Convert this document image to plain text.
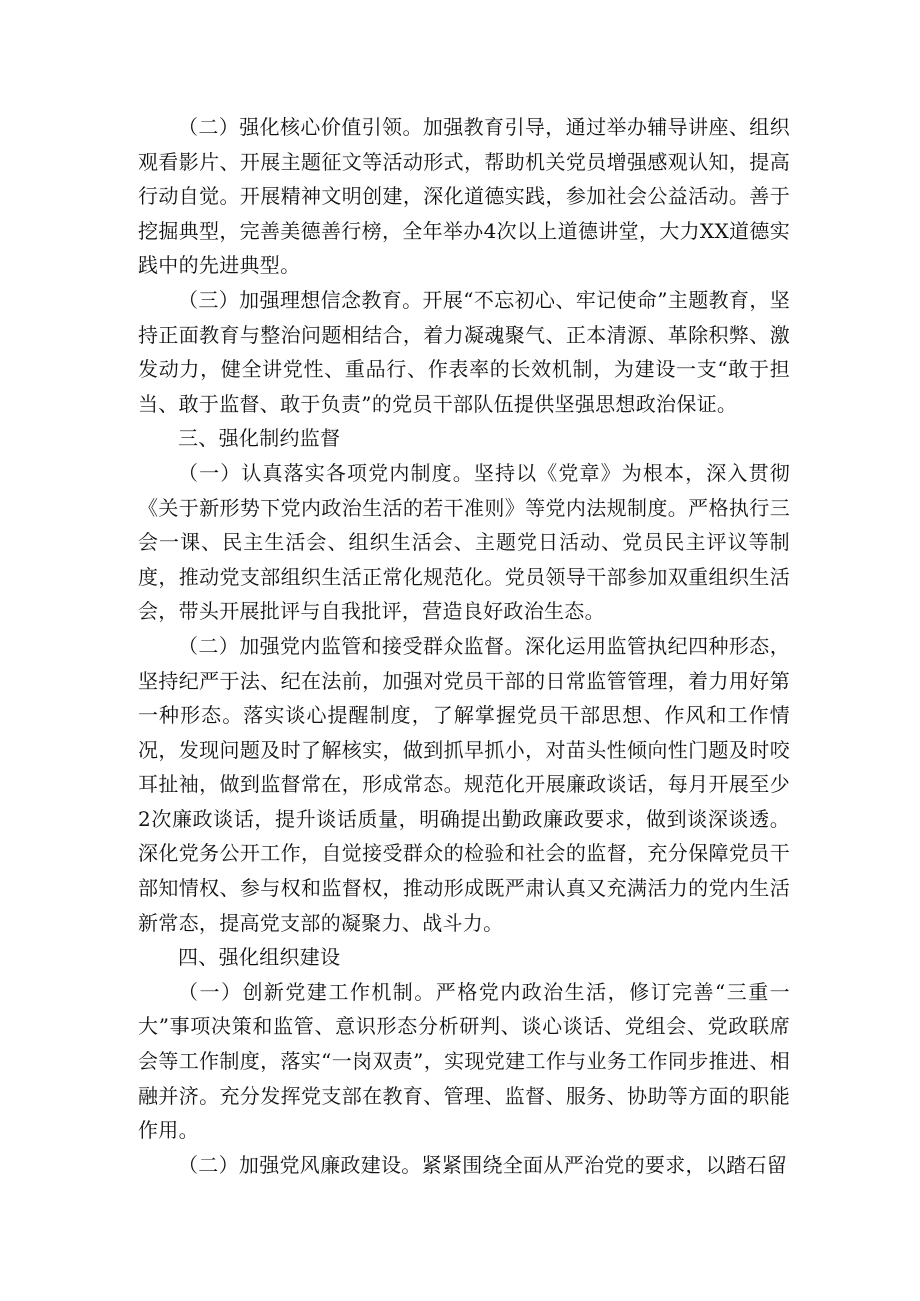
（二）强化核心价值引领。加强教育引导，通过举办辅导讲座、组织观看影片、开展主题征文等活动形式，帮助机关党员增强感观认知，提高行动自觉。开展精神文明创建，深化道德实践，参加社会公益活动。善于挖掘典型，完善美德善行榜，全年举办4次以上道德讲堂，大力XX道德实践中的先进典型。

（三）加强理想信念教育。开展“不忘初心、牢记使命”主题教育，坚持正面教育与整治问题相结合，着力凝魂聚气、正本清源、革除积弊、激发动力，健全讲党性、重品行、作表率的长效机制，为建设一支“敢于担当、敢于监督、敢于负责”的党员干部队伍提供坚强思想政治保证。

三、强化制约监督

（一）认真落实各项党内制度。坚持以《党章》为根本，深入贯彻《关于新形势下党内政治生活的若干准则》等党内法规制度。严格执行三会一课、民主生活会、组织生活会、主题党日活动、党员民主评议等制度，推动党支部组织生活正常化规范化。党员领导干部参加双重组织生活会，带头开展批评与自我批评，营造良好政治生态。

（二）加强党内监管和接受群众监督。深化运用监管执纪四种形态，坚持纪严于法、纪在法前，加强对党员干部的日常监管管理，着力用好第一种形态。落实谈心提醒制度，了解掌握党员干部思想、作风和工作情况，发现问题及时了解核实，做到抓早抓小，对苗头性倾向性门题及时咬耳扯袖，做到监督常在，形成常态。规范化开展廉政谈话，每月开展至少2次廉政谈话，提升谈话质量，明确提出勤政廉政要求，做到谈深谈透。深化党务公开工作，自觉接受群众的检验和社会的监督，充分保障党员干部知情权、参与权和监督权，推动形成既严肃认真又充满活力的党内生活新常态，提高党支部的凝聚力、战斗力。

四、强化组织建设

（一）创新党建工作机制。严格党内政治生活，修订完善“三重一大”事项决策和监管、意识形态分析研判、谈心谈话、党组会、党政联席会等工作制度，落实“一岗双责”，实现党建工作与业务工作同步推进、相融并济。充分发挥党支部在教育、管理、监督、服务、协助等方面的职能作用。

（二）加强党风廉政建设。紧紧围绕全面从严治党的要求，以踏石留
